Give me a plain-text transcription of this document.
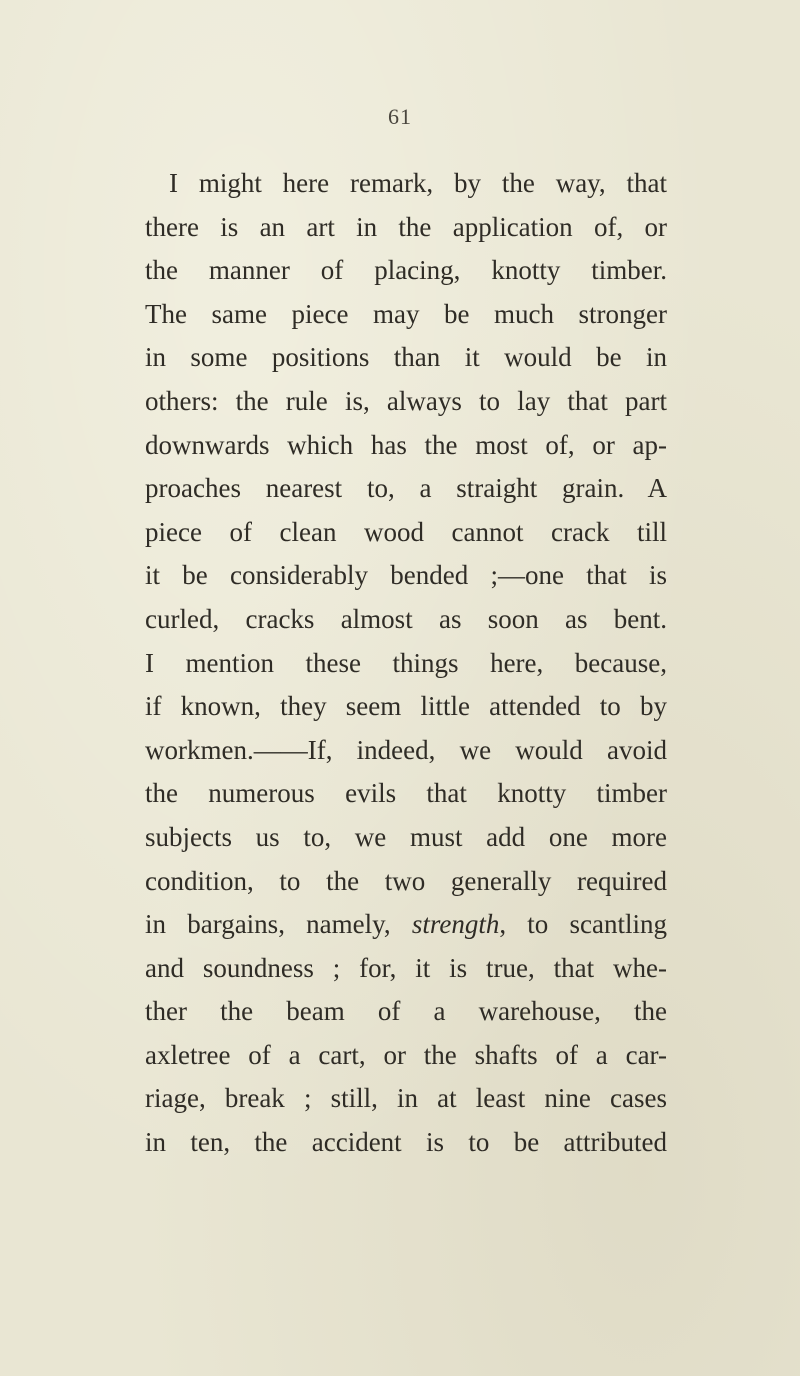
61
I might here remark, by the way, that
there is an art in the application of, or
the manner of placing, knotty timber.
The same piece may be much stronger
in some positions than it would be in
others: the rule is, always to lay that part
downwards which has the most of, or ap-
proaches nearest to, a straight grain. A
piece of clean wood cannot crack till
it be considerably bended ;—one that is
curled, cracks almost as soon as bent.
I mention these things here, because,
if known, they seem little attended to by
workmen.——If, indeed, we would avoid
the numerous evils that knotty timber
subjects us to, we must add one more
condition, to the two generally required
in bargains, namely, strength, to scantling
and soundness ; for, it is true, that whe-
ther the beam of a warehouse, the
axletree of a cart, or the shafts of a car-
riage, break ; still, in at least nine cases
in ten, the accident is to be attributed
